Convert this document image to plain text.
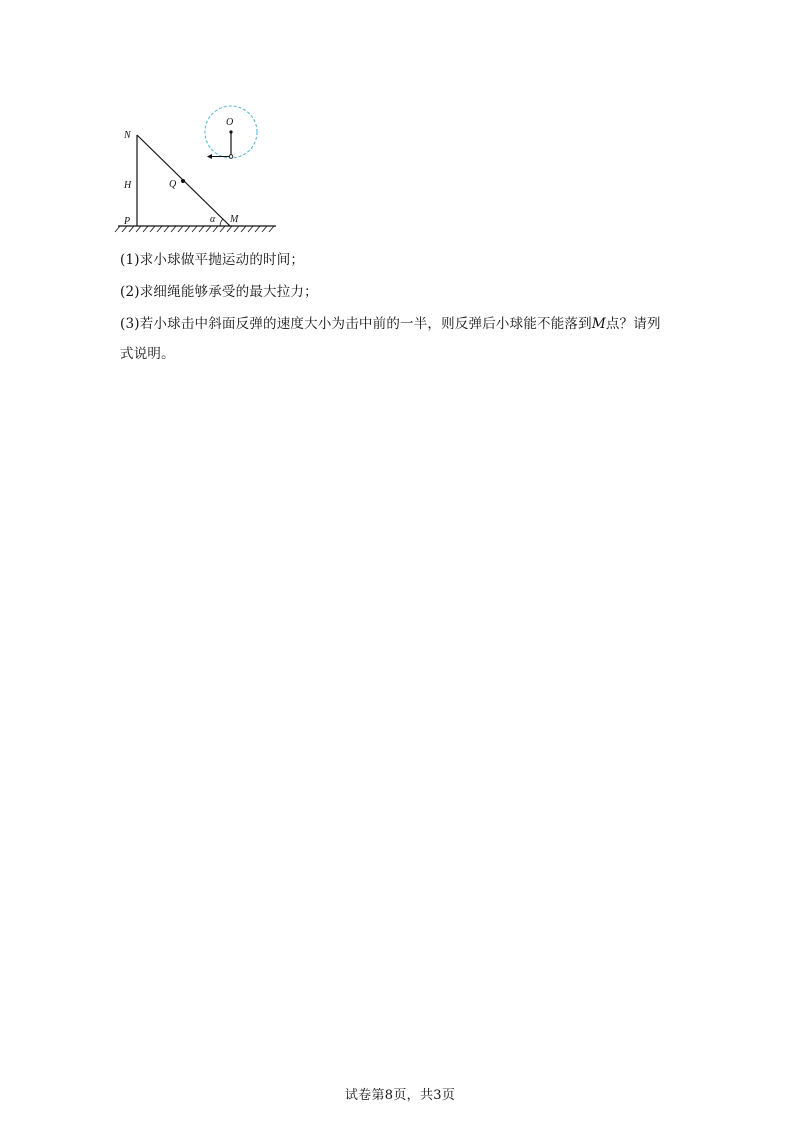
N
H
P
Q
α M
O
(1)求小球做平抛运动的时间；
(2)求细绳能够承受的最大拉力；
(3)若小球击中斜面反弹的速度大小为击中前的一半，则反弹后小球能不能落到M点？请列
式说明。
试卷第8页，共3页
